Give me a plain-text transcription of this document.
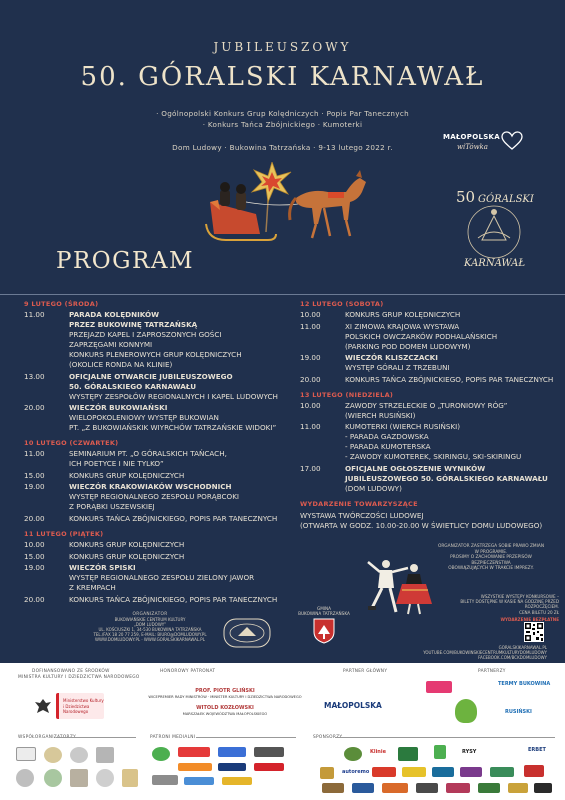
JUBILEUSZOWY
50. GÓRALSKI KARNAWAŁ
· Ogólnopolski Konkurs Grup Kolędniczych · Popis Par Tanecznych
· Konkurs Tańca Zbójnickiego · Kumoterki
Dom Ludowy · Bukowina Tatrzańska · 9-13 lutego 2022 r.
MAŁOPOLSKA
wiTówka
50 GÓRALSKI
KARNAWAŁ
PROGRAM
9 LUTEGO (ŚRODA)
11.00	PARADA KOLĘDNIKÓW
PRZEZ BUKOWINĘ TATRZAŃSKĄ
PRZEJAZD KAPEL I ZAPROSZONYCH GOŚCI
ZAPRZĘGAMI KONNYMI
KONKURS PLENEROWYCH GRUP KOLĘDNICZYCH
(OKOLICE RONDA NA KLINIE)
13.00	OFICJALNE OTWARCIE JUBILEUSZOWEGO
50. GÓRALSKIEGO KARNAWAŁU
WYSTĘPY ZESPOŁÓW REGIONALNYCH I KAPEL LUDOWYCH
20.00	WIECZÓR BUKOWIAŃSKI
WIELOPOKOLENIOWY WYSTĘP BUKOWIAN
PT. „Z BUKOWIAŃSKIK WIYRCHÓW TATRZAŃSKIE WIDOKI”
10 LUTEGO (CZWARTEK)
11.00	SEMINARIUM PT. „O GÓRALSKICH TAŃCACH,
ICH POETYCE I NIE TYLKO”
15.00	KONKURS GRUP KOLĘDNICZYCH
19.00	WIECZÓR KRAKOWIAKÓW WSCHODNICH
WYSTĘP REGIONALNEGO ZESPOŁU PORĄBCOKI
Z PORĄBKI USZEWSKIEJ
20.00	KONKURS TAŃCA ZBÓJNICKIEGO, POPIS PAR TANECZNYCH
11 LUTEGO (PIĄTEK)
10.00	KONKURS GRUP KOLĘDNICZYCH
15.00	KONKURS GRUP KOLĘDNICZYCH
19.00	WIECZÓR SPISKI
WYSTĘP REGIONALNEGO ZESPOŁU ZIELONY JAWOR
Z KREMPACH
20.00	KONKURS TAŃCA ZBÓJNICKIEGO, POPIS PAR TANECZNYCH
12 LUTEGO (SOBOTA)
10.00	KONKURS GRUP KOLĘDNICZYCH
11.00	XI ZIMOWA KRAJOWA WYSTAWA
POLSKICH OWCZARKÓW PODHALAŃSKICH
(PARKING POD DOMEM LUDOWYM)
19.00	WIECZÓR KLISZCZACKI
WYSTĘP GÓRALI Z TRZEBUNI
20.00	KONKURS TAŃCA ZBÓJNICKIEGO, POPIS PAR TANECZNYCH
13 LUTEGO (NIEDZIELA)
10.00	ZAWODY STRZELECKIE O „TURONIOWY RÓG”
(WIERCH RUSIŃSKI)
11.00	KUMOTERKI (WIERCH RUSIŃSKI)
- PARADA GAZDOWSKA
- PARADA KUMOTERSKA
- ZAWODY KUMOTEREK, SKIRINGU, SKI-SKIRINGU
17.00	OFICJALNE OGŁOSZENIE WYNIKÓW
JUBILEUSZOWEGO 50. GÓRALSKIEGO KARNAWAŁU
(DOM LUDOWY)
WYDARZENIE TOWARZYSZĄCE
WYSTAWA TWÓRCZOŚCI LUDOWEJ
(OTWARTA W GODZ. 10.00-20.00 W ŚWIETLICY DOMU LUDOWEGO)
ORGANIZATOR ZASTRZEGA SOBIE PRAWO ZMIAN W PROGRAMIE.
PROSIMY O ZACHOWANIE PRZEPISÓW BEZPIECZEŃSTWA
OBOWIĄZUJĄCYCH W TRAKCIE IMPREZY.
WSZYSTKIE WYSTĘPY KONKURSOWE –
BILETY DOSTĘPNE W KASIE NA GODZINĘ PRZED ROZPOCZĘCIEM.
CENA BILETU 20 ZŁ
WYDARZENIE BEZPŁATNE
GORALSKIKARNAWAL.PL
YOUTUBE.COM/BUKOWINSKIECENTRUMKULTURYDOMLUDOWY
FACEBOOK.COM/BCKDOMLUDOWY
GMINA
BUKOWINA TATRZAŃSKA
ORGANIZATOR
BUKOWIAŃSKIE CENTRUM KULTURY
„DOM LUDOWY”
UL. KOŚCIUSZKI 1, 34-530 BUKOWINA TATRZAŃSKA
TEL./FAX 18 20 77 259, E-MAIL: BIURO@DOMLUDOWY.PL
WWW.DOMLUDOWY.PL · WWW.GORALSKIKARNAWAL.PL
DOFINANSOWANO ZE ŚRODKÓW
MINISTRA KULTURY I DZIEDZICTWA NARODOWEGO
HONOROWY PATRONAT	PARTNER GŁÓWNY	PARTNERZY
Ministerstwo Kultury i Dziedzictwa Narodowego
PROF. PIOTR GLIŃSKI
WICEPREMIER RADY MINISTRÓW · MINISTER KULTURY I DZIEDZICTWA NARODOWEGO
WITOLD KOZŁOWSKI
MARSZAŁEK WOJEWÓDZTWA MAŁOPOLSKIEGO
MAŁOPOLSKA
TERMY BUKOWINA
RUSIŃSKI
WSPÓŁORGANIZATORZY	PATRONI MEDIALNI	SPONSORZY
Klinie	RYSY	ERBET
autoremo
